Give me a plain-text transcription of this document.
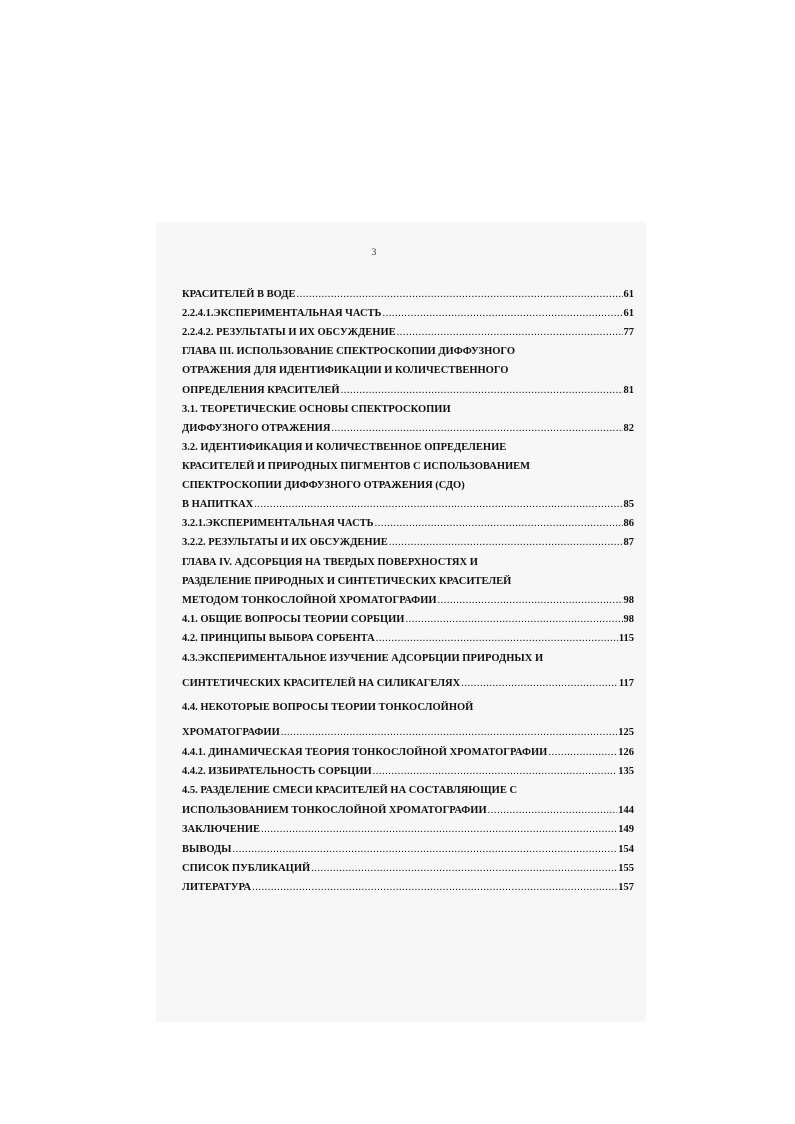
3
КРАСИТЕЛЕЙ В ВОДЕ .....	61
2.2.4.1.ЭКСПЕРИМЕНТАЛЬНАЯ ЧАСТЬ .....	61
2.2.4.2. РЕЗУЛЬТАТЫ И ИХ ОБСУЖДЕНИЕ .....	77
ГЛАВА III. ИСПОЛЬЗОВАНИЕ СПЕКТРОСКОПИИ ДИФФУЗНОГО
ОТРАЖЕНИЯ ДЛЯ ИДЕНТИФИКАЦИИ И КОЛИЧЕСТВЕННОГО
ОПРЕДЕЛЕНИЯ КРАСИТЕЛЕЙ .....	81
3.1. ТЕОРЕТИЧЕСКИЕ ОСНОВЫ СПЕКТРОСКОПИИ
ДИФФУЗНОГО ОТРАЖЕНИЯ .....	82
3.2. ИДЕНТИФИКАЦИЯ И КОЛИЧЕСТВЕННОЕ ОПРЕДЕЛЕНИЕ
КРАСИТЕЛЕЙ И ПРИРОДНЫХ ПИГМЕНТОВ С ИСПОЛЬЗОВАНИЕМ
СПЕКТРОСКОПИИ ДИФФУЗНОГО ОТРАЖЕНИЯ (СДО)
В НАПИТКАХ .....	85
3.2.1.ЭКСПЕРИМЕНТАЛЬНАЯ ЧАСТЬ .....	86
3.2.2. РЕЗУЛЬТАТЫ И ИХ ОБСУЖДЕНИЕ .....	87
ГЛАВА IV. АДСОРБЦИЯ НА ТВЕРДЫХ ПОВЕРХНОСТЯХ И
РАЗДЕЛЕНИЕ ПРИРОДНЫХ И СИНТЕТИЧЕСКИХ КРАСИТЕЛЕЙ
МЕТОДОМ ТОНКОСЛОЙНОЙ ХРОМАТОГРАФИИ .....	98
4.1. ОБЩИЕ ВОПРОСЫ ТЕОРИИ СОРБЦИИ .....	98
4.2. ПРИНЦИПЫ ВЫБОРА СОРБЕНТА .....	115
4.3.ЭКСПЕРИМЕНТАЛЬНОЕ ИЗУЧЕНИЕ АДСОРБЦИИ ПРИРОДНЫХ И
СИНТЕТИЧЕСКИХ КРАСИТЕЛЕЙ НА СИЛИКАГЕЛЯХ .....	117
4.4. НЕКОТОРЫЕ ВОПРОСЫ ТЕОРИИ ТОНКОСЛОЙНОЙ
ХРОМАТОГРАФИИ .....	125
4.4.1. ДИНАМИЧЕСКАЯ ТЕОРИЯ ТОНКОСЛОЙНОЙ ХРОМАТОГРАФИИ .....	126
4.4.2. ИЗБИРАТЕЛЬНОСТЬ СОРБЦИИ .....	135
4.5. РАЗДЕЛЕНИЕ СМЕСИ КРАСИТЕЛЕЙ НА СОСТАВЛЯЮЩИЕ С
ИСПОЛЬЗОВАНИЕМ ТОНКОСЛОЙНОЙ ХРОМАТОГРАФИИ .....	144
ЗАКЛЮЧЕНИЕ .....	149
ВЫВОДЫ .....	154
СПИСОК ПУБЛИКАЦИЙ .....	155
ЛИТЕРАТУРА .....	157
